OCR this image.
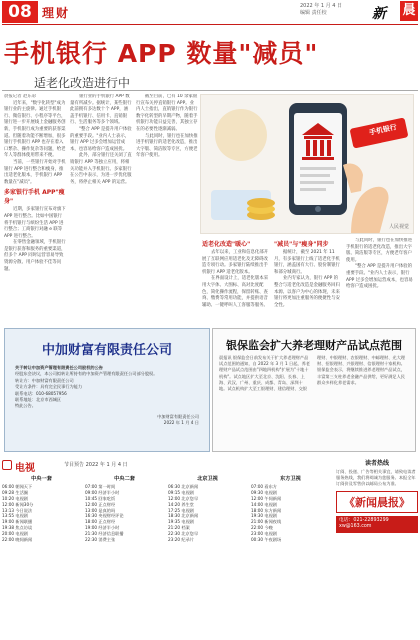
08 理财	2022 年 1 月 4 日
编辑 责任校	新 晨
手机银行 APP 数量"减员"
适老化改造进行中

晨报记者 赵东彩

近年来，"数字化转型"成为银行业的主旋律。通过手机银行、微信银行、小程序等平台，银行进一步开展线上金融服务创新，手机银行成为重要的获客渠道。但随着功能不断增加，很多银行手机银行 APP 也存在着入口繁杂、操作复杂等问题，给老年人等群体使用带来不便。

当前，一些银行开始对手机银行 APP 进行整合和瘦身，推出适老化版本，手机银行 APP 数量在"减员"。

多家银行手机 APP"瘦身"

近期，多家银行宣布对旗下 APP 进行整合。比如中国银行将手机银行与缤纷生活 APP 进行整合；工商银行对融 e 联等 APP 进行整合。

在零售金融领域，手机银行是银行获客和服务的重要渠道，但多个 APP 同时运营容易导致资源分散、用户体验不佳等问题。

银行业的手机银行 APP 数量有所减少。据统计，某些银行此前拥有多达数十个 APP，涵盖手机银行、信用卡、直销银行、生活服务等多个领域。

"整合 APP 是提升用户体验的重要手段。"业内人士表示，银行 APP 过多会增加运营成本，也容易给客户造成困扰。

此外，部分银行还关闭了直销银行 APP 等独立应用，将相关功能并入手机银行。多家银行在公告中表示，为进一步优化服务，将停止相关 APP 的运营。

截至目前，已有 10 余家银行宣布关停直销银行 APP。业内人士指出，直销银行作为银行数字化转型的早期产物，随着手机银行功能日益完善，其独立存在的必要性逐渐减弱。

与此同时，银行也在加快推进手机银行的适老化改造，推出大字版、简洁版等专区，方便老年客户使用。

手机银行
人民视觉

适老化改造"暖心"

去年以来，工业和信息化部开展了互联网应用适老化及无障碍改造专项行动。多家银行陆续推出手机银行 APP 适老化版本。

在界面设计上，适老化版本采用大字体、大图标、高对比度配色，简化操作流程，保留转账、查询、缴费等常用功能，并提供语音辅助、一键呼叫人工客服等服务。

"减员"与"瘦身"同步

据统计，截至 2021 年 11 月，有多家银行上线了适老化手机银行，涵盖国有大行、股份制银行和部分城商行。

业内专家认为，银行 APP 的整合与适老化改造是金融服务回归本源、以客户为中心的体现，未来银行将更加注重服务的便捷性与安全性。

与此同时，银行也在加快推进手机银行的适老化改造，推出大字版、简洁版等专区，方便老年客户使用。

"整合 APP 是提升用户体验的重要手段。"业内人士表示，银行 APP 过多会增加运营成本，也容易给客户造成困扰。

中加财富有限责任公司
关于转让中加资产管理有限责任公司股权的公告
经股东会决议，本公司拟转让所持有的中加资产管理有限责任公司部分股权。
转让方：中加财富有限责任公司
受让方条件：具有完全民事行为能力
联系电话：010-68057956
联系地址：北京市西城区
特此公告。
中加财富有限责任公司
2022 年 1 月 4 日
银保监会扩大养老理财产品试点范围
晨报讯 银保监会日前发布关于扩大养老理财产品试点范围的通知，自 2022 年 3 月 1 日起，养老理财产品试点范围由"四地四机构"扩展为"十地十机构"。试点地区扩大至北京、沈阳、长春、上海、武汉、广州、重庆、成都、青岛、深圳十地。试点机构扩大至工银理财、建信理财、交银理财、中银理财、农银理财、中邮理财、光大理财、招银理财、兴银理财、信银理财十家机构。银保监会表示，将继续推进养老理财产品试点，丰富第三支柱养老金融产品供给，更好满足人民群众多样化养老需求。
电视	节目预告 2022 年 1 月 4 日
中央一套
06:00 朝闻天下
09:28 生活圈
10:20 电视剧
12:00 新闻30分
13:13 今日说法
13:55 电视剧
19:00 新闻联播
19:38 焦点访谈
20:00 电视剧
22:00 晚间新闻
中央二套
07:00 第一时间
09:00 经济半小时
10:45 回家吃饭
12:00 正点财经
13:00 是真的吗
16:30 央视财经评论
18:00 正点财经
19:00 经济半小时
21:30 经济信息联播
22:30 消费主张
北京卫视
06:30 北京新闻
09:15 电视剧
12:00 北京您早
14:20 养生堂
17:25 电视剧
18:30 北京新闻
19:35 电视剧
21:20 档案
22:30 北京您早
23:20 纪录片
东方卫视
07:00 看东方
09:30 电视剧
12:00 午间新闻
14:00 电视剧
18:00 东方新闻
19:30 电视剧
21:00 新闻夜线
22:00 今晚
23:00 电视剧
00:30 午夜剧场
读者热线
订阅、投递、广告等相关事宜，请致电读者服务热线，我们将竭诚为您服务。本报全年订阅价及零售价以邮局公布为准。
《新闻晨报》
电话：021-22893299
xw@163.com
